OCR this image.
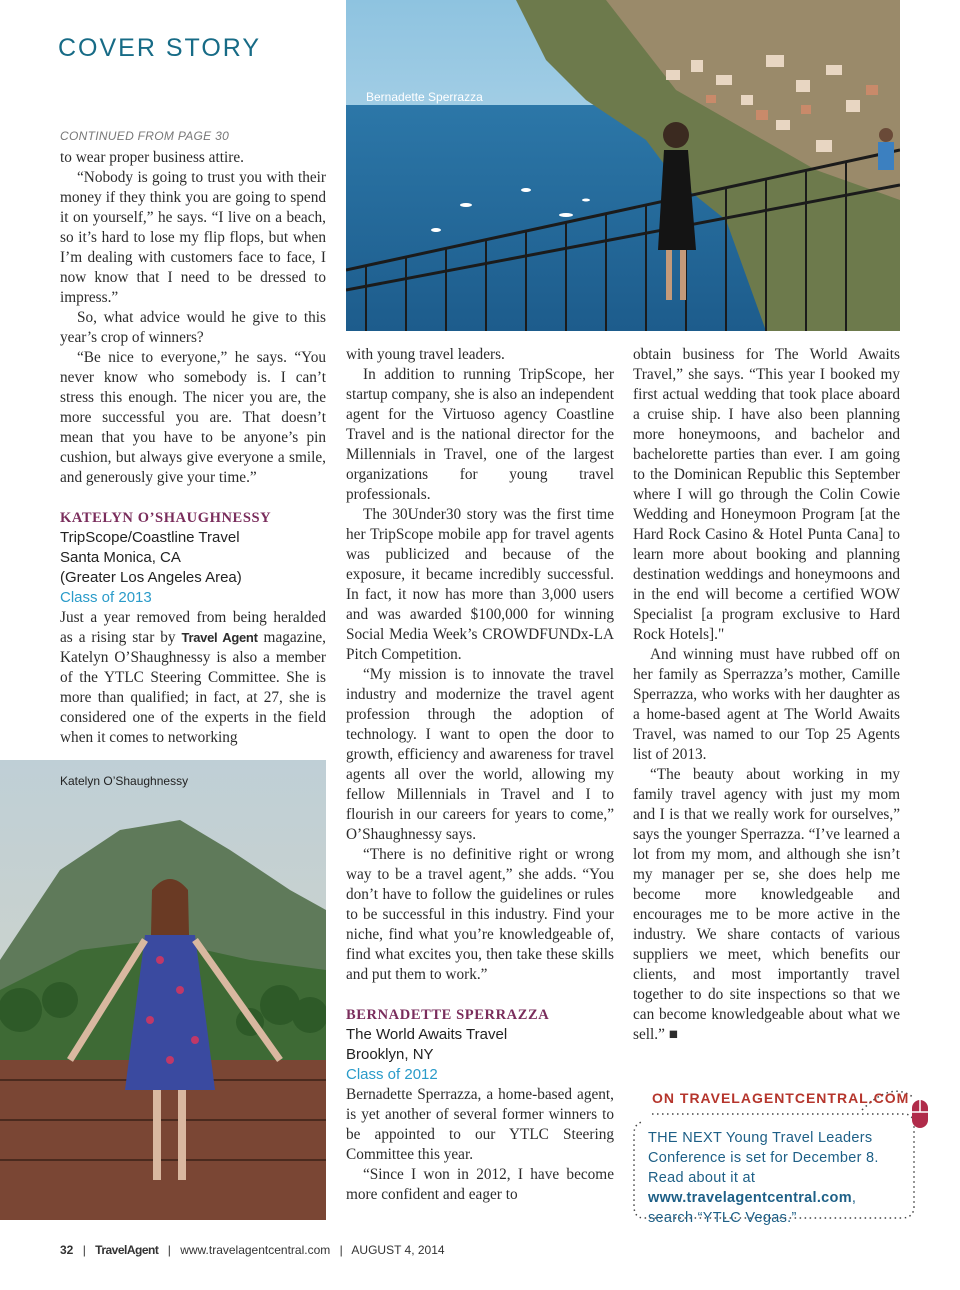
COVER STORY
Bernadette Sperrazza
Katelyn O’Shaughnessy
CONTINUED FROM PAGE 30

to wear proper business attire.

“Nobody is going to trust you with their money if they think you are going to spend it on yourself,” he says. “I live on a beach, so it’s hard to lose my flip flops, but when I’m dealing with customers face to face, I now know that I need to be dressed to impress.”

So, what advice would he give to this year’s crop of winners?

“Be nice to everyone,” he says. “You never know who somebody is. I can’t stress this enough. The nicer you are, the more successful you are. That doesn’t mean that you have to be anyone’s pin cushion, but always give everyone a smile, and generously give your time.”

KATELYN O’SHAUGHNESSY
TripScope/Coastline Travel
Santa Monica, CA
(Greater Los Angeles Area)
Class of 2013

Just a year removed from being heralded as a rising star by Travel Agent magazine, Katelyn O’Shaughnessy is also a member of the YTLC Steering Committee. She is more than qualified; in fact, at 27, she is considered one of the experts in the field when it comes to networking

with young travel leaders.

In addition to running TripScope, her startup company, she is also an independent agent for the Virtuoso agency Coastline Travel and is the national director for the Millennials in Travel, one of the largest organizations for young travel professionals.

The 30Under30 story was the first time her TripScope mobile app for travel agents was publicized and because of the exposure, it became incredibly successful. In fact, it now has more than 3,000 users and was awarded $100,000 for winning Social Media Week’s CROWDFUNDx-LA Pitch Competition.

“My mission is to innovate the travel industry and modernize the travel agent profession through the adoption of technology. I want to open the door to growth, efficiency and awareness for travel agents all over the world, allowing my fellow Millennials in Travel and I to flourish in our careers for years to come,” O’Shaughnessy says.

“There is no definitive right or wrong way to be a travel agent,” she adds. “You don’t have to follow the guidelines or rules to be successful in this industry. Find your niche, find what you’re knowledgeable of, find what excites you, then take these skills and put them to work.”

BERNADETTE SPERRAZZA
The World Awaits Travel
Brooklyn, NY
Class of 2012

Bernadette Sperrazza, a home-based agent, is yet another of several former winners to be appointed to our YTLC Steering Committee this year.

“Since I won in 2012, I have become more confident and eager to

obtain business for The World Awaits Travel,” she says. “This year I booked my first actual wedding that took place aboard a cruise ship. I have also been planning more honeymoons, and bachelor and bachelorette parties than ever. I am going to the Dominican Republic this September where I will go through the Colin Cowie Wedding and Honeymoon Program [at the Hard Rock Casino & Hotel Punta Cana] to learn more about booking and planning destination weddings and honeymoons and in the end will become a certified WOW Specialist [a program exclusive to Hard Rock Hotels]."

And winning must have rubbed off on her family as Sperrazza’s mother, Camille Sperrazza, who works with her daughter as a home-based agent at The World Awaits Travel, was named to our Top 25 Agents list of 2013.

“The beauty about working in my family travel agency with just my mom and I is that we really work for ourselves,” says the younger Sperrazza. “I’ve learned a lot from my mom, and although she isn’t my manager per se, she does help me become more knowledgeable and encourages me to be more active in the industry. We share contacts of various suppliers we meet, which benefits our clients, and most importantly travel together to do site inspections so that we can become knowledgeable about what we sell.” ■

ON TRAVELAGENTCENTRAL.COM
THE NEXT Young Travel Leaders Conference is set for December 8. Read about it at www.travelagentcentral.com, search “YTLC Vegas.”
32 | TravelAgent | www.travelagentcentral.com | AUGUST 4, 2014
